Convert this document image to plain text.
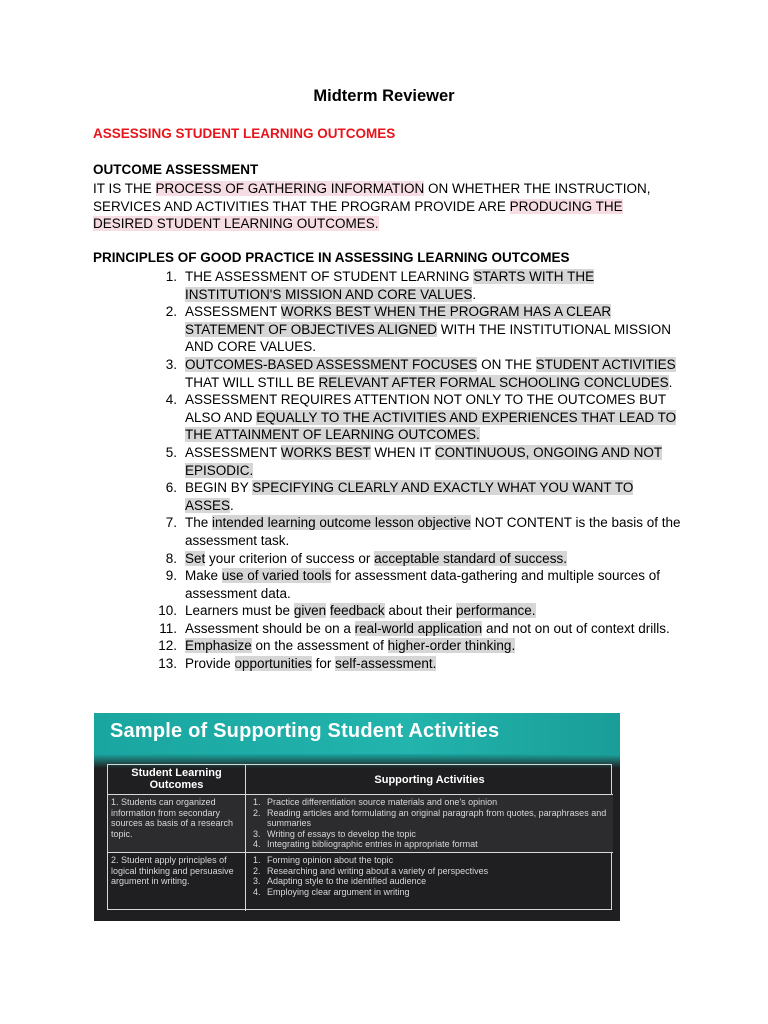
Midterm Reviewer
ASSESSING STUDENT LEARNING OUTCOMES
OUTCOME ASSESSMENT
IT IS THE PROCESS OF GATHERING INFORMATION ON WHETHER THE INSTRUCTION, SERVICES AND ACTIVITIES THAT THE PROGRAM PROVIDE ARE PRODUCING THE DESIRED STUDENT LEARNING OUTCOMES.
PRINCIPLES OF GOOD PRACTICE IN ASSESSING LEARNING OUTCOMES
1. THE ASSESSMENT OF STUDENT LEARNING STARTS WITH THE INSTITUTION'S MISSION AND CORE VALUES.
2. ASSESSMENT WORKS BEST WHEN THE PROGRAM HAS A CLEAR STATEMENT OF OBJECTIVES ALIGNED WITH THE INSTITUTIONAL MISSION AND CORE VALUES.
3. OUTCOMES-BASED ASSESSMENT FOCUSES ON THE STUDENT ACTIVITIES THAT WILL STILL BE RELEVANT AFTER FORMAL SCHOOLING CONCLUDES.
4. ASSESSMENT REQUIRES ATTENTION NOT ONLY TO THE OUTCOMES BUT ALSO AND EQUALLY TO THE ACTIVITIES AND EXPERIENCES THAT LEAD TO THE ATTAINMENT OF LEARNING OUTCOMES.
5. ASSESSMENT WORKS BEST WHEN IT CONTINUOUS, ONGOING AND NOT EPISODIC.
6. BEGIN BY SPECIFYING CLEARLY AND EXACTLY WHAT YOU WANT TO ASSES.
7. The intended learning outcome lesson objective NOT CONTENT is the basis of the assessment task.
8. Set your criterion of success or acceptable standard of success.
9. Make use of varied tools for assessment data-gathering and multiple sources of assessment data.
10. Learners must be given feedback about their performance.
11. Assessment should be on a real-world application and not on out of context drills.
12. Emphasize on the assessment of higher-order thinking.
13. Provide opportunities for self-assessment.
Sample of Supporting Student Activities
Student Learning Outcomes	Supporting Activities
1. Students can organized information from secondary sources as basis of a research topic.
1. Practice differentiation source materials and one's opinion
2. Reading articles and formulating an original paragraph from quotes, paraphrases and summaries
3. Writing of essays to develop the topic
4. Integrating bibliographic entries in appropriate format
2. Student apply principles of logical thinking and persuasive argument in writing.
1. Forming opinion about the topic
2. Researching and writing about a variety of perspectives
3. Adapting style to the identified audience
4. Employing clear argument in writing
